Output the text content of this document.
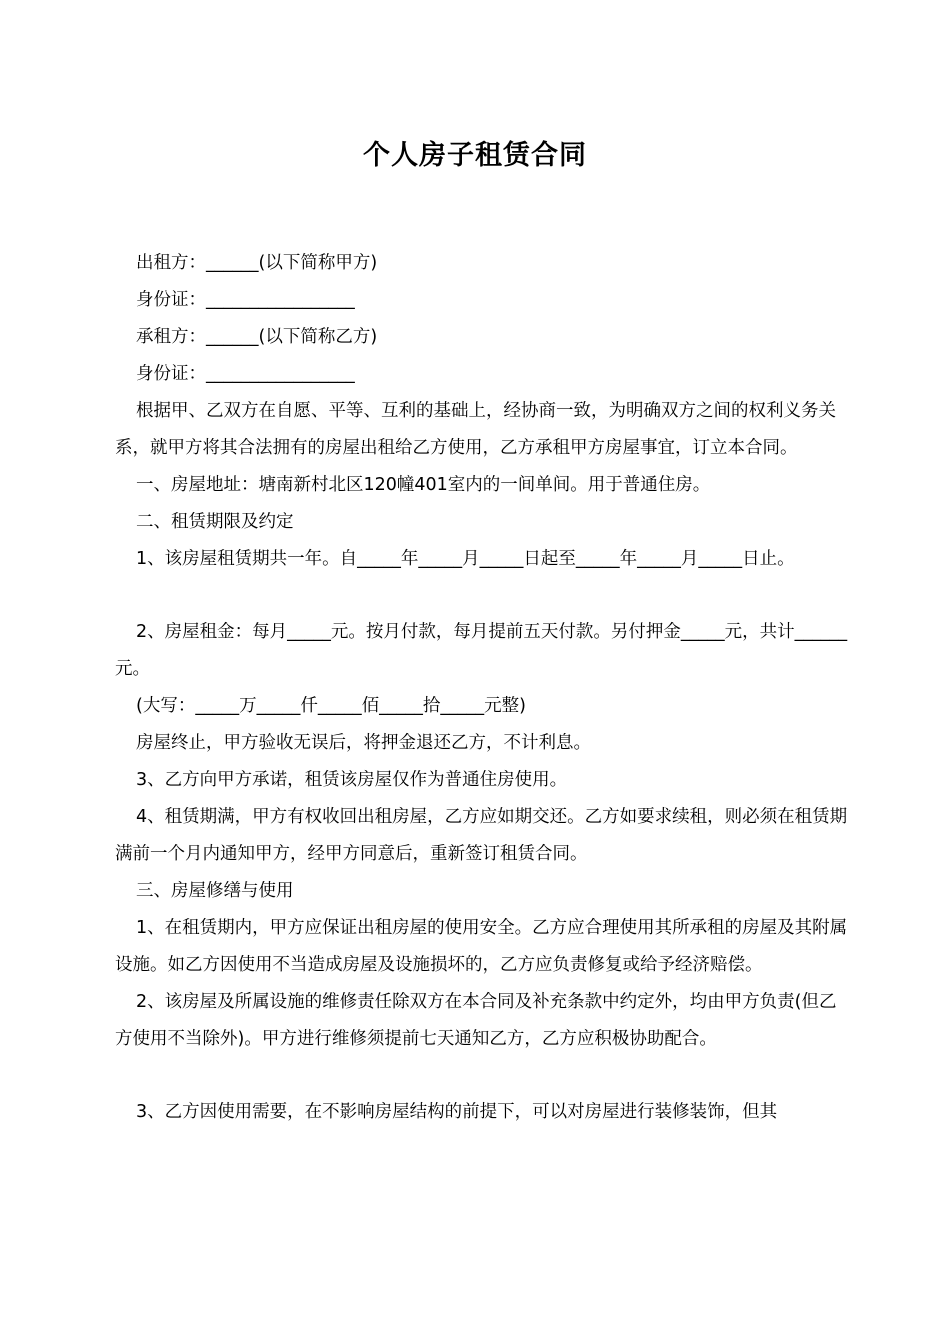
个人房子租赁合同

出租方：______(以下简称甲方)

身份证：_________________

承租方：______(以下简称乙方)

身份证：_________________

根据甲、乙双方在自愿、平等、互利的基础上，经协商一致，为明确双方之间的权利义务关系，就甲方将其合法拥有的房屋出租给乙方使用，乙方承租甲方房屋事宜，订立本合同。

一、房屋地址：塘南新村北区120幢401室内的一间单间。用于普通住房。

二、租赁期限及约定

1、该房屋租赁期共一年。自_____年_____月_____日起至_____年_____月_____日止。

2、房屋租金：每月_____元。按月付款，每月提前五天付款。另付押金_____元，共计______元。

(大写：_____万_____仟_____佰_____拾_____元整)

房屋终止，甲方验收无误后，将押金退还乙方，不计利息。

3、乙方向甲方承诺，租赁该房屋仅作为普通住房使用。

4、租赁期满，甲方有权收回出租房屋，乙方应如期交还。乙方如要求续租，则必须在租赁期满前一个月内通知甲方，经甲方同意后，重新签订租赁合同。

三、房屋修缮与使用

1、在租赁期内，甲方应保证出租房屋的使用安全。乙方应合理使用其所承租的房屋及其附属设施。如乙方因使用不当造成房屋及设施损坏的，乙方应负责修复或给予经济赔偿。

2、该房屋及所属设施的维修责任除双方在本合同及补充条款中约定外，均由甲方负责(但乙方使用不当除外)。甲方进行维修须提前七天通知乙方，乙方应积极协助配合。

3、乙方因使用需要，在不影响房屋结构的前提下，可以对房屋进行装修装饰，但其
